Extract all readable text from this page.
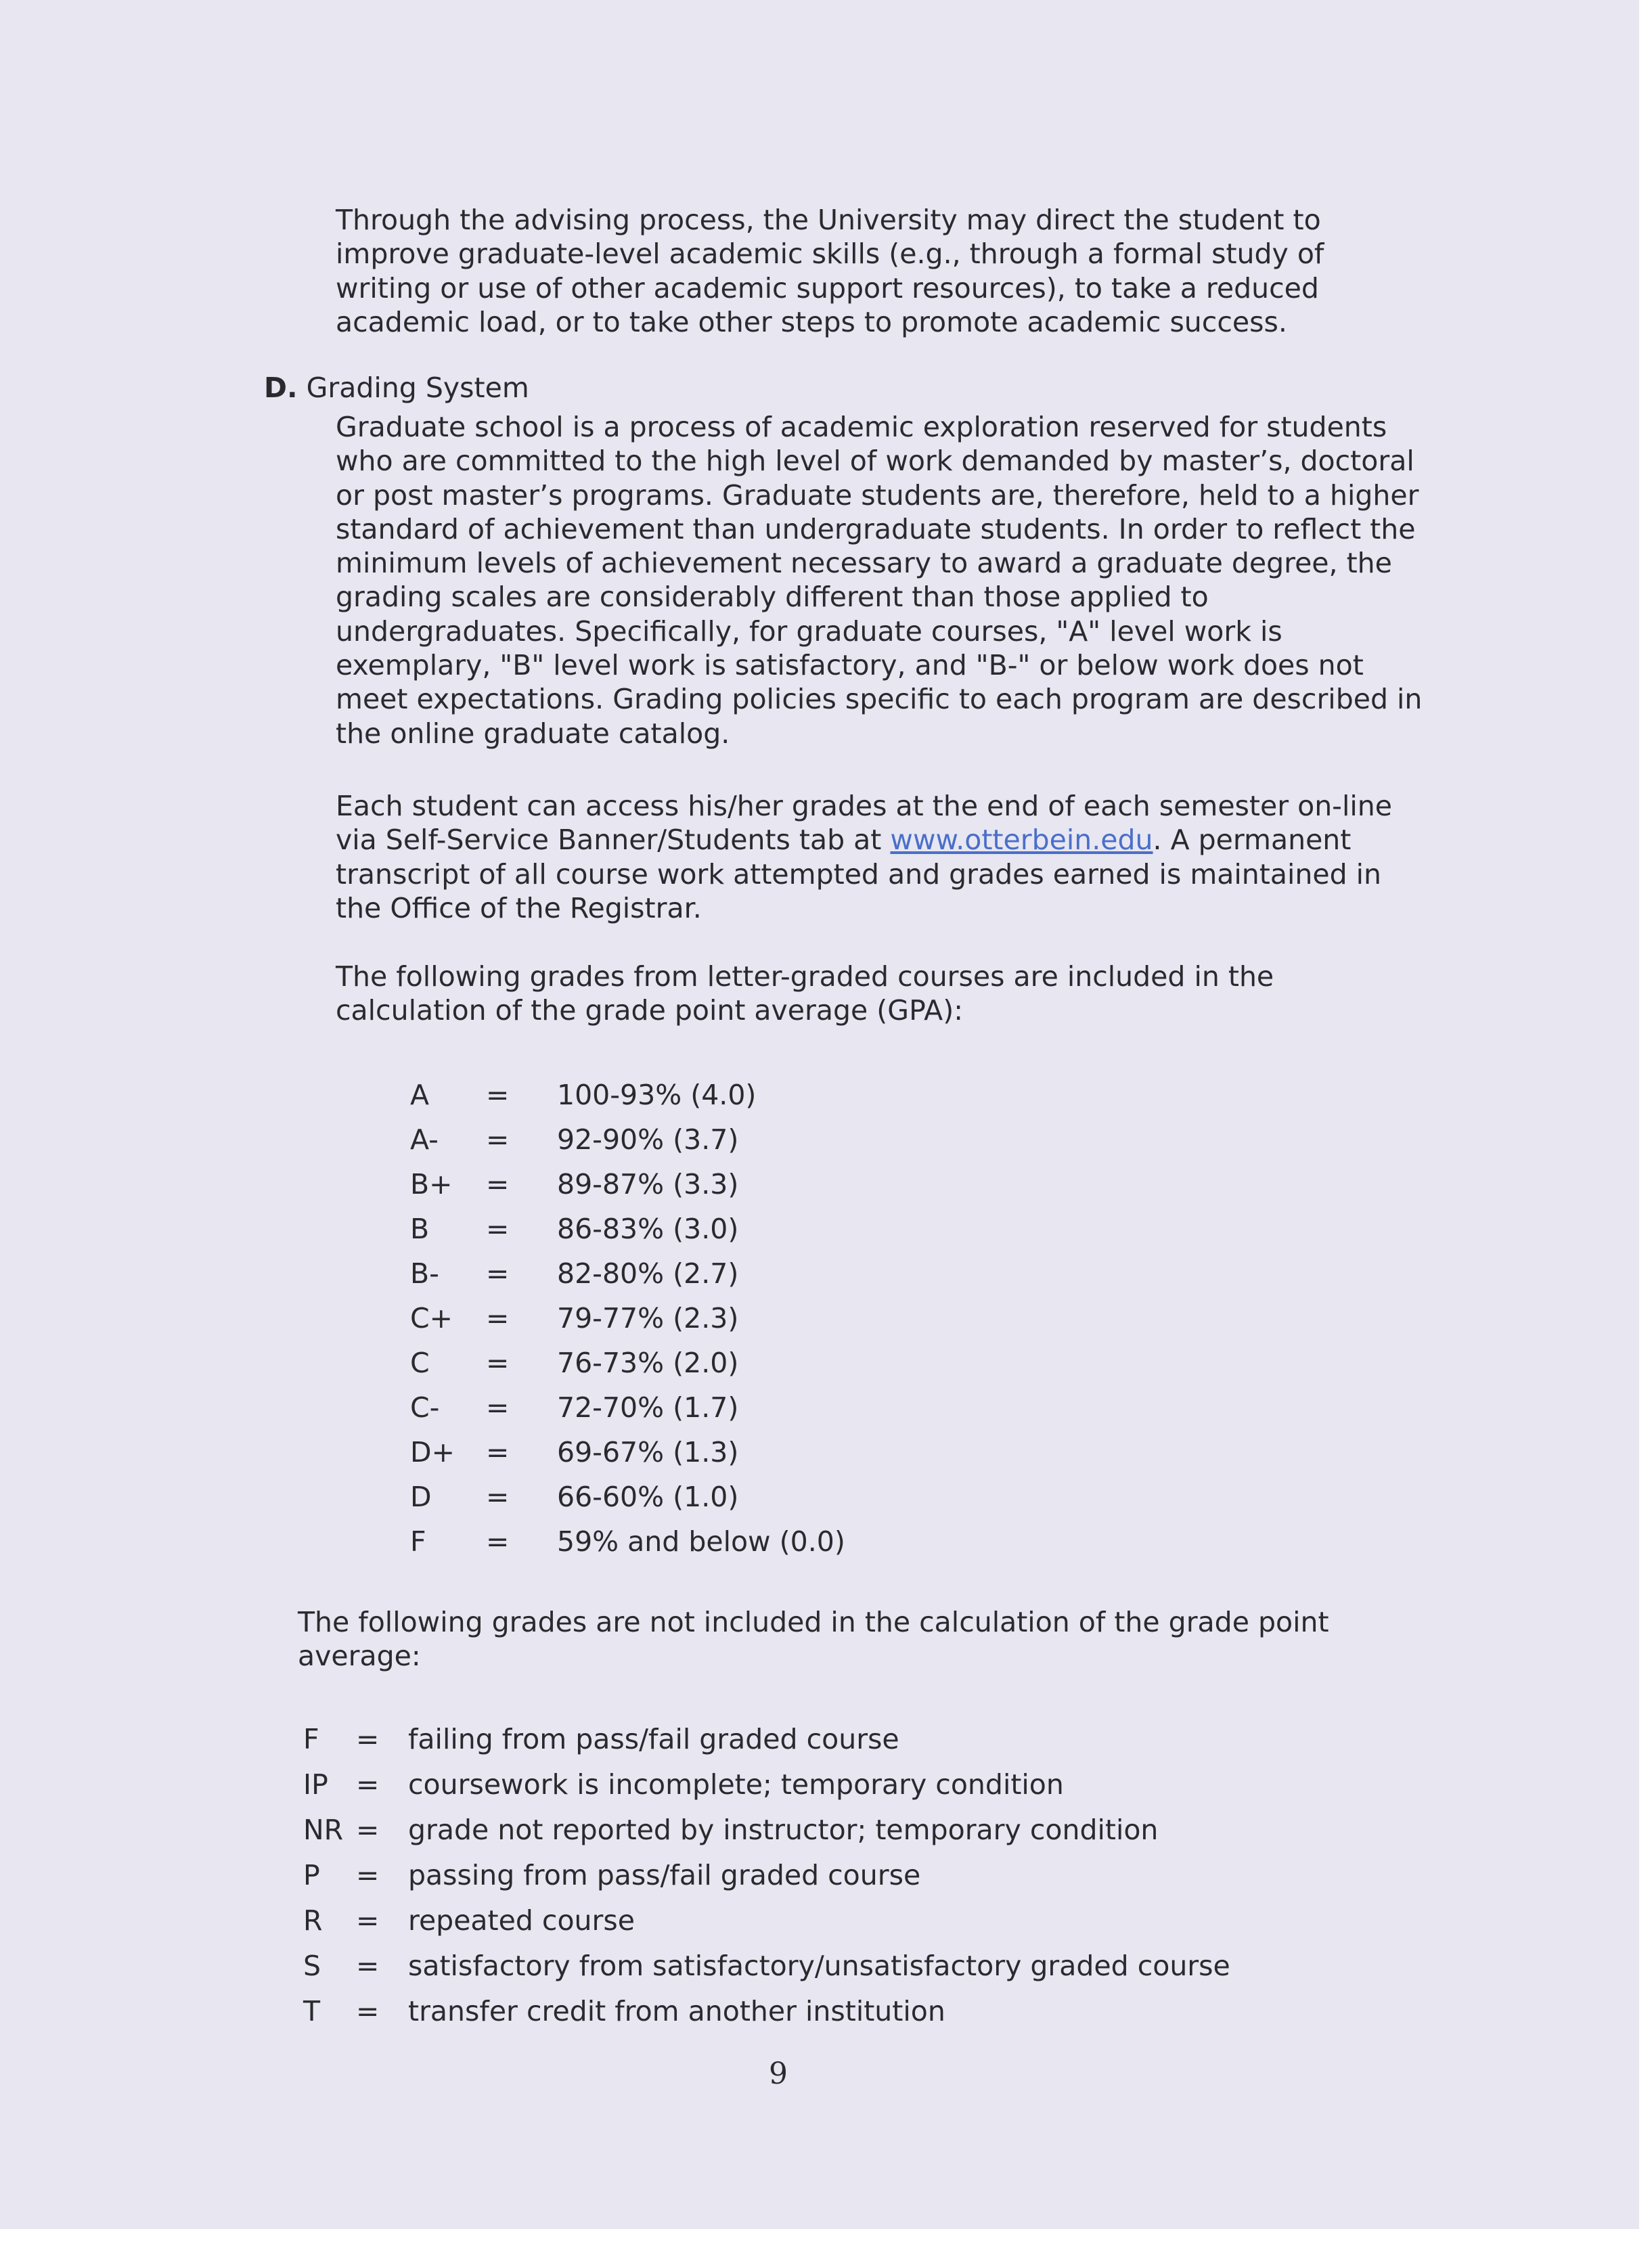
Through the advising process, the University may direct the student to
improve graduate-level academic skills (e.g., through a formal study of
writing or use of other academic support resources), to take a reduced
academic load, or to take other steps to promote academic success.

D. Grading System

Graduate school is a process of academic exploration reserved for students
who are committed to the high level of work demanded by master’s, doctoral
or post master’s programs. Graduate students are, therefore, held to a higher
standard of achievement than undergraduate students. In order to reflect the
minimum levels of achievement necessary to award a graduate degree, the
grading scales are considerably different than those applied to
undergraduates. Specifically, for graduate courses, "A" level work is
exemplary, "B" level work is satisfactory, and "B-" or below work does not
meet expectations. Grading policies specific to each program are described in
the online graduate catalog.

Each student can access his/her grades at the end of each semester on-line
via Self-Service Banner/Students tab at www.otterbein.edu. A permanent
transcript of all course work attempted and grades earned is maintained in
the Office of the Registrar.

The following grades from letter-graded courses are included in the
calculation of the grade point average (GPA):

A = 100-93% (4.0)
A- = 92-90% (3.7)
B+ = 89-87% (3.3)
B = 86-83% (3.0)
B- = 82-80% (2.7)
C+ = 79-77% (2.3)
C = 76-73% (2.0)
C- = 72-70% (1.7)
D+ = 69-67% (1.3)
D = 66-60% (1.0)
F = 59% and below (0.0)

The following grades are not included in the calculation of the grade point
average:

F = failing from pass/fail graded course
IP = coursework is incomplete; temporary condition
NR = grade not reported by instructor; temporary condition
P = passing from pass/fail graded course
R = repeated course
S = satisfactory from satisfactory/unsatisfactory graded course
T = transfer credit from another institution
9
